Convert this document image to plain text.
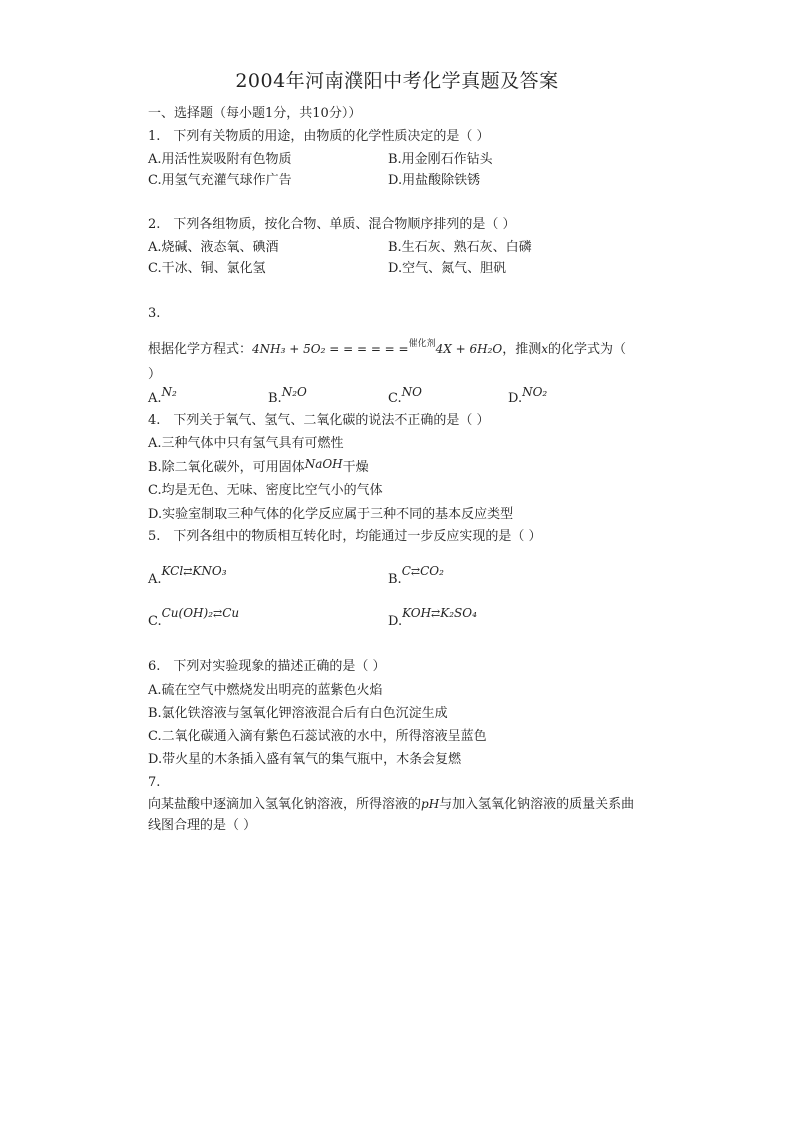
2004年河南濮阳中考化学真题及答案
一、选择题（每小题1分，共10分））
1.　下列有关物质的用途，由物质的化学性质决定的是（ ）
A.用活性炭吸附有色物质	B.用金刚石作钻头
C.用氢气充灌气球作广告	D.用盐酸除铁锈
2.　下列各组物质，按化合物、单质、混合物顺序排列的是（ ）
A.烧碱、液态氧、碘酒	B.生石灰、熟石灰、白磷
C.干冰、铜、氯化氢	D.空气、氮气、胆矾
3.
根据化学方程式：4NH₃ + 5O₂ = = = = = =$^{催化剂}$4X + 6H₂O，推测x的化学式为（
）
A.N₂	B.N₂O	C.NO	D.NO₂
4.　下列关于氧气、氢气、二氧化碳的说法不正确的是（ ）
A.三种气体中只有氢气具有可燃性
B.除二氧化碳外，可用固体NaOH干燥
C.均是无色、无味、密度比空气小的气体
D.实验室制取三种气体的化学反应属于三种不同的基本反应类型
5.　下列各组中的物质相互转化时，均能通过一步反应实现的是（ ）
A.KCl⇄KNO₃
B.C⇄CO₂
C.Cu(OH)₂⇄Cu
D.KOH⇄K₂SO₄
6.　下列对实验现象的描述正确的是（ ）
A.硫在空气中燃烧发出明亮的蓝紫色火焰
B.氯化铁溶液与氢氧化钾溶液混合后有白色沉淀生成
C.二氧化碳通入滴有紫色石蕊试液的水中，所得溶液呈蓝色
D.带火星的木条插入盛有氧气的集气瓶中，木条会复燃
7.
向某盐酸中逐滴加入氢氧化钠溶液，所得溶液的pH与加入氢氧化钠溶液的质量关系曲
线图合理的是（ ）
